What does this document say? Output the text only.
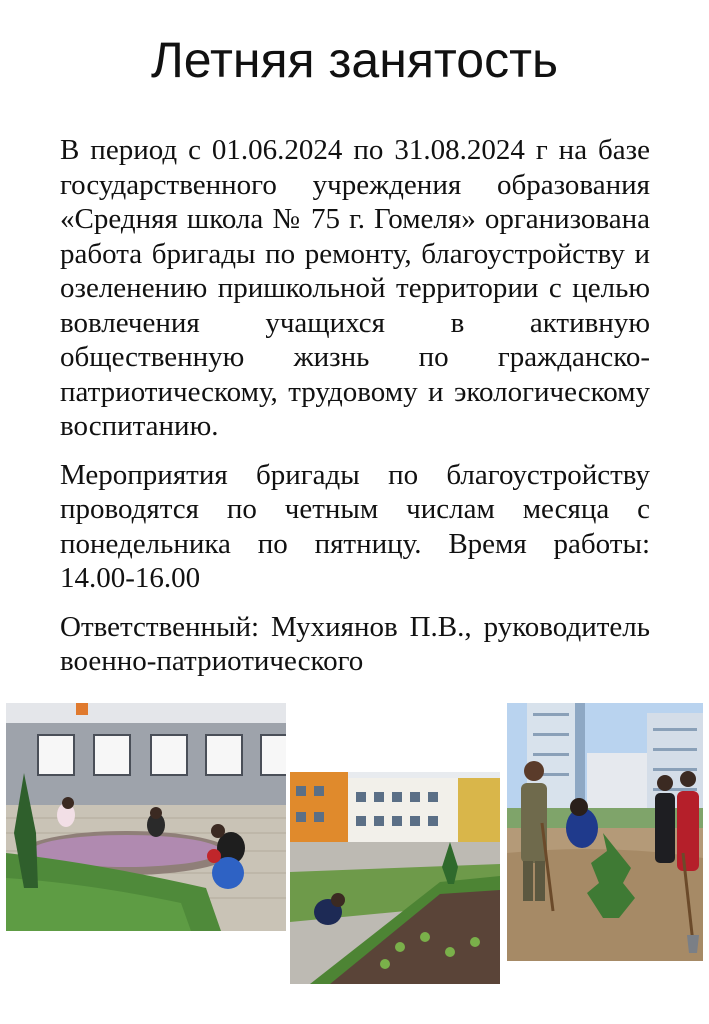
Летняя занятость

В период с 01.06.2024 по 31.08.2024 г на базе государственного учреждения образования «Средняя школа № 75 г. Гомеля» организована работа бригады по ремонту, благоустройству и озеленению пришкольной территории с целью вовлечения учащихся в активную общественную жизнь по гражданско-патриотическому, трудовому и экологическому воспитанию.

Мероприятия бригады по благоустройству проводятся по четным числам месяца с понедельника по пятницу. Время работы: 14.00-16.00

Ответственный: Мухиянов П.В., руководитель военно-патриотического
